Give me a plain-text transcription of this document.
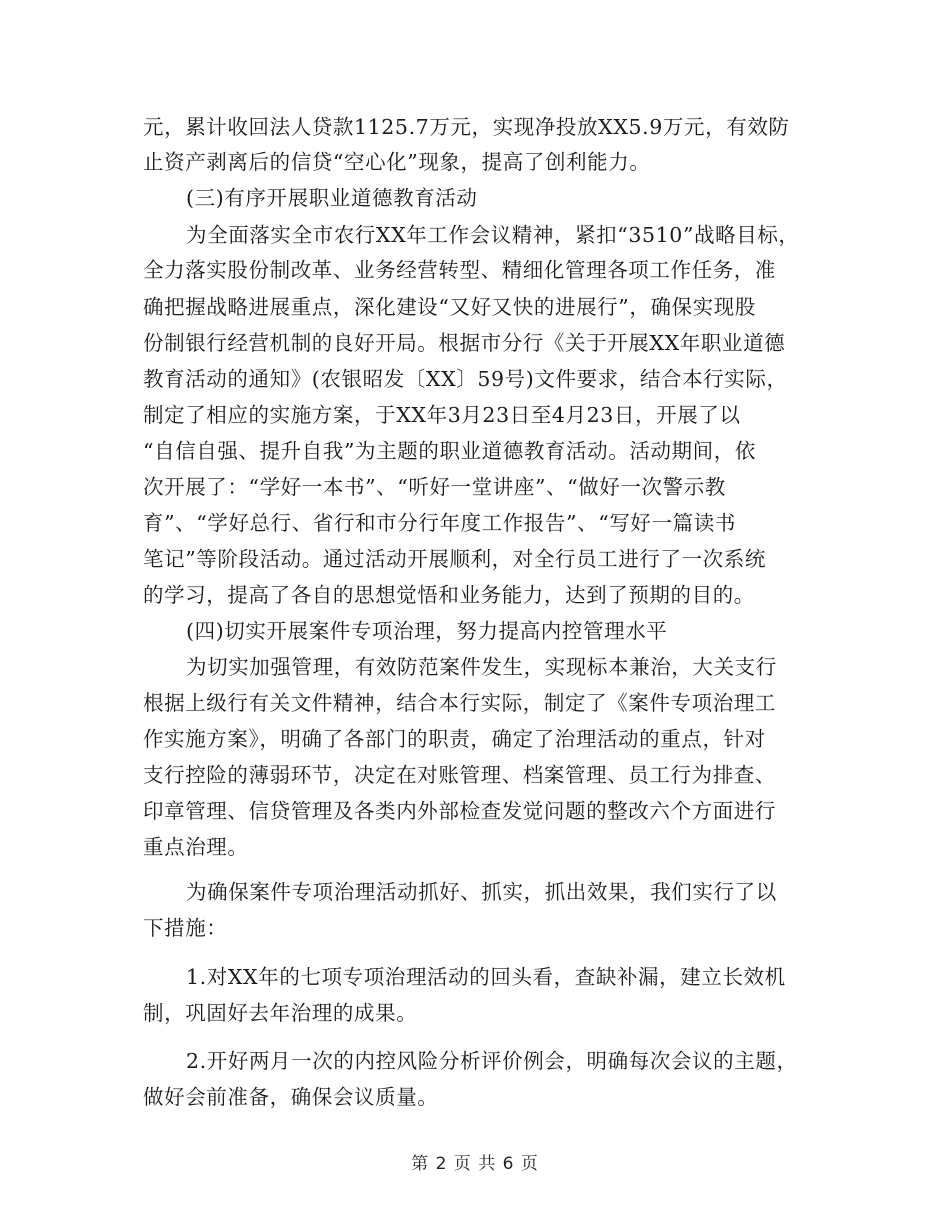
元，累计收回法人贷款1125.7万元，实现净投放XX5.9万元，有效防
止资产剥离后的信贷“空心化”现象，提高了创利能力。
(三)有序开展职业道德教育活动
为全面落实全市农行XX年工作会议精神，紧扣“3510”战略目标，
全力落实股份制改革、业务经营转型、精细化管理各项工作任务，准
确把握战略进展重点，深化建设“又好又快的进展行”，确保实现股
份制银行经营机制的良好开局。根据市分行《关于开展XX年职业道德
教育活动的通知》(农银昭发〔XX〕59号)文件要求，结合本行实际，
制定了相应的实施方案，于XX年3月23日至4月23日，开展了以
“自信自强、提升自我”为主题的职业道德教育活动。活动期间，依
次开展了：“学好一本书”、“听好一堂讲座”、“做好一次警示教
育”、“学好总行、省行和市分行年度工作报告”、“写好一篇读书
笔记”等阶段活动。通过活动开展顺利，对全行员工进行了一次系统
的学习，提高了各自的思想觉悟和业务能力，达到了预期的目的。
(四)切实开展案件专项治理，努力提高内控管理水平
为切实加强管理，有效防范案件发生，实现标本兼治，大关支行
根据上级行有关文件精神，结合本行实际，制定了《案件专项治理工
作实施方案》，明确了各部门的职责，确定了治理活动的重点，针对
支行控险的薄弱环节，决定在对账管理、档案管理、员工行为排查、
印章管理、信贷管理及各类内外部检查发觉问题的整改六个方面进行
重点治理。
为确保案件专项治理活动抓好、抓实，抓出效果，我们实行了以
下措施：
1.对XX年的七项专项治理活动的回头看，查缺补漏，建立长效机
制，巩固好去年治理的成果。
2.开好两月一次的内控风险分析评价例会，明确每次会议的主题，
做好会前准备，确保会议质量。
第 2 页 共 6 页
